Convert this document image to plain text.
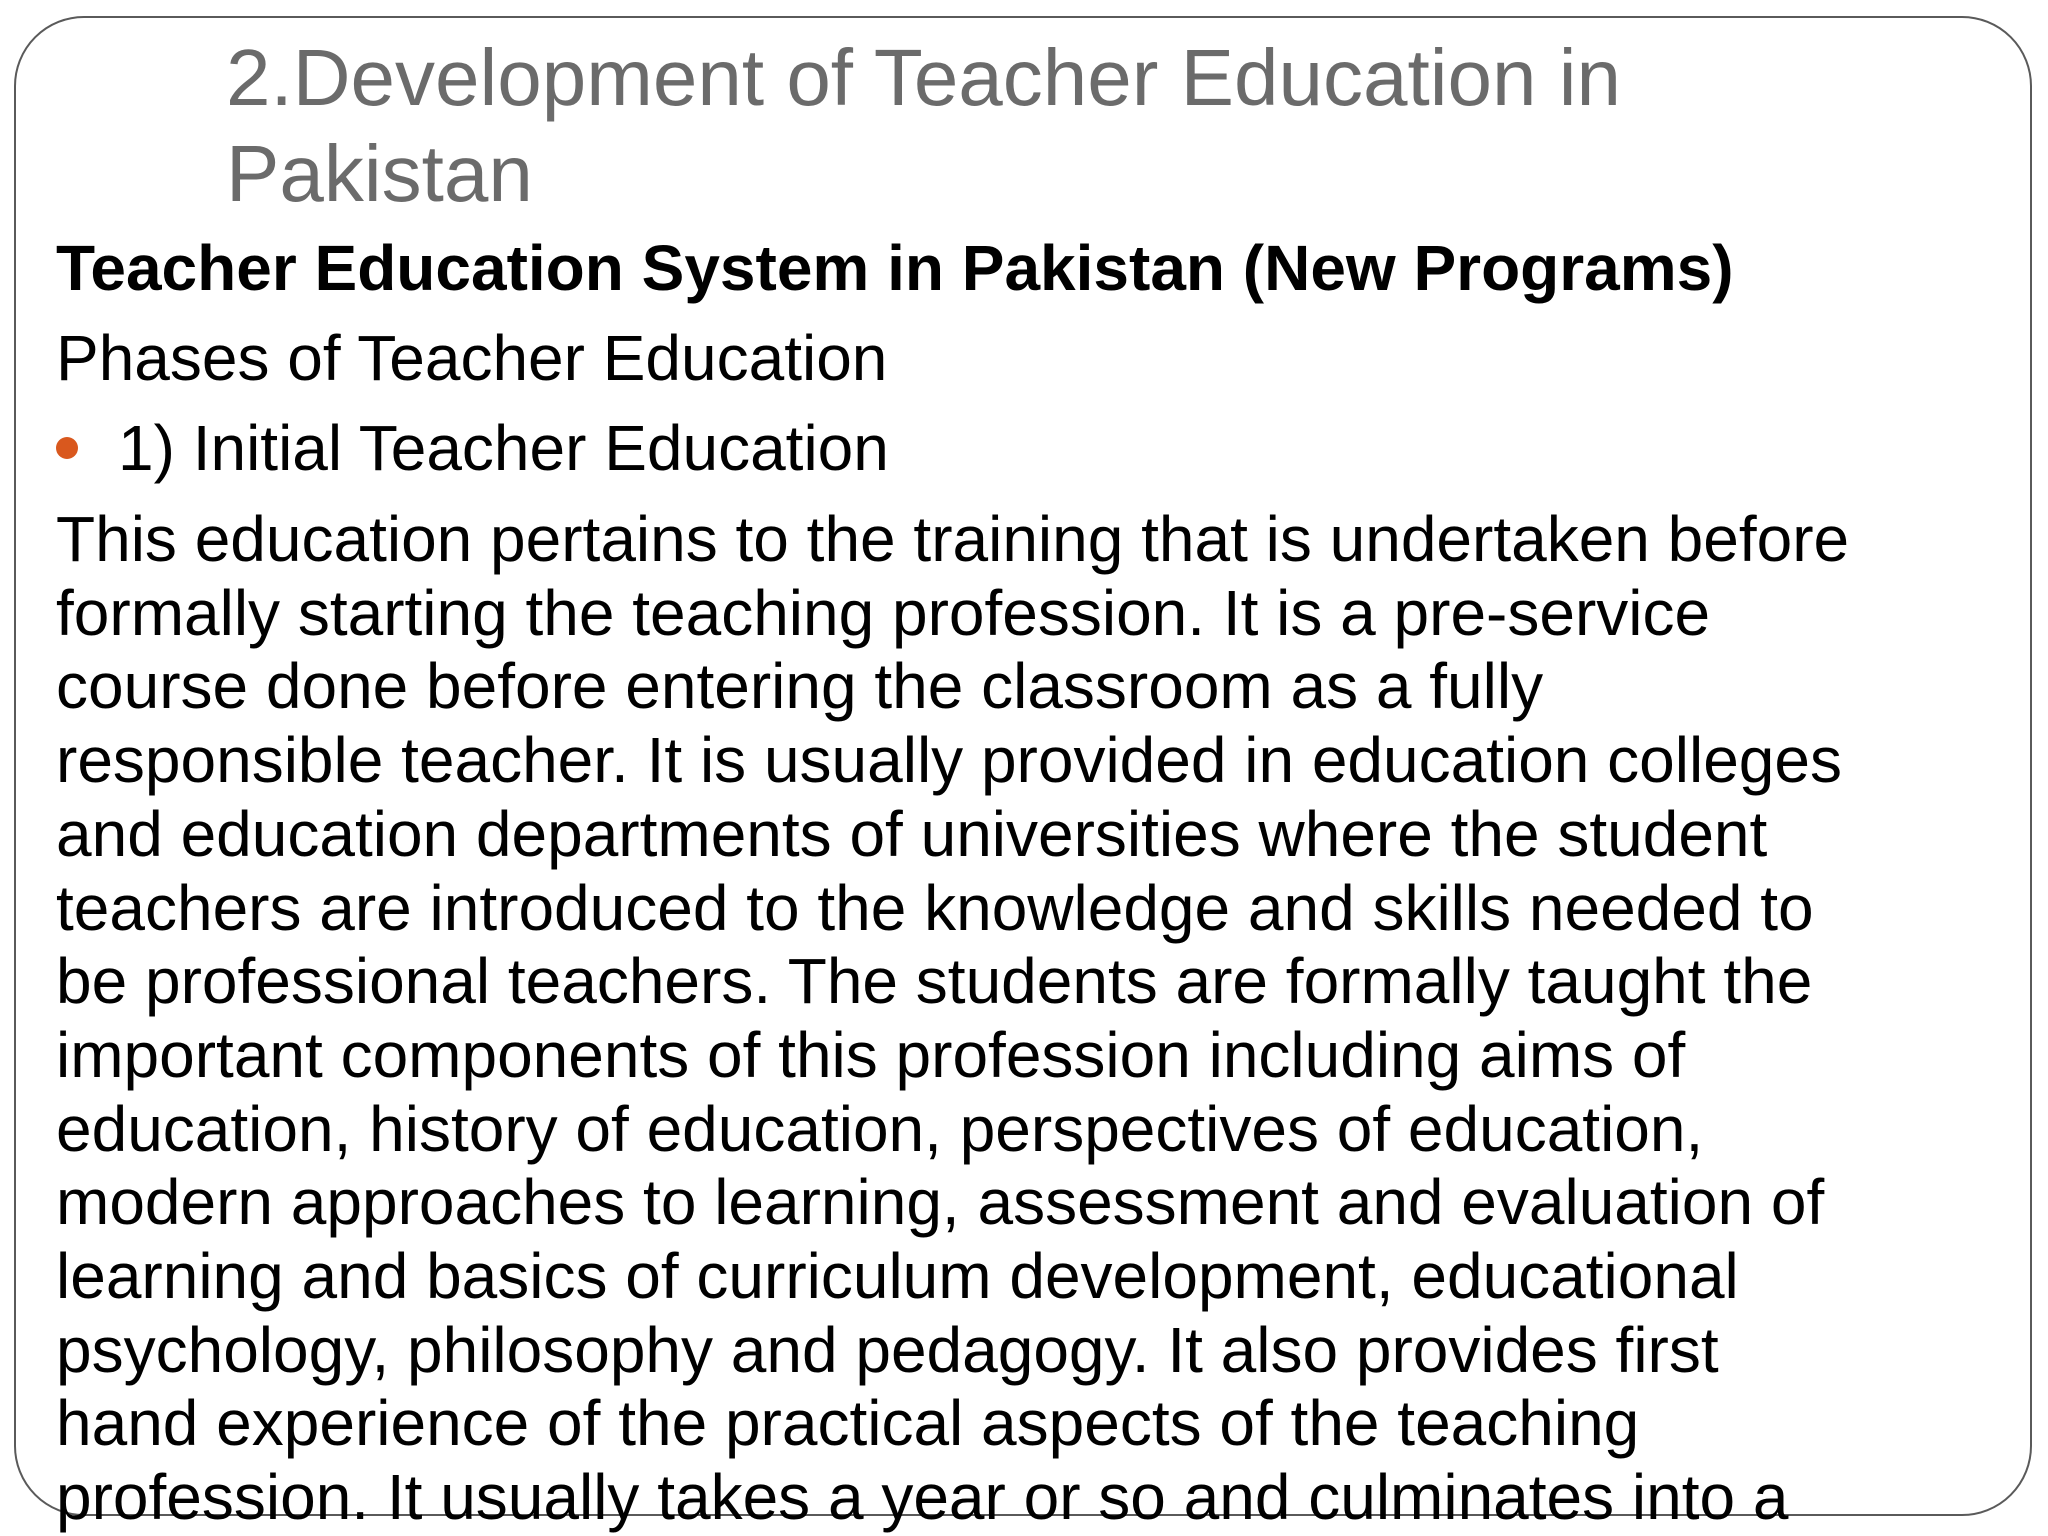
2.Development of Teacher Education in
Pakistan

Teacher Education System in Pakistan (New Programs)

Phases of Teacher Education

1) Initial Teacher Education
This education pertains to the training that is undertaken before
formally starting the teaching profession. It is a pre-service
course done before entering the classroom as a fully
responsible teacher. It is usually provided in education colleges
and education departments of universities where the student
teachers are introduced to the knowledge and skills needed to
be professional teachers. The students are formally taught the
important components of this profession including aims of
education, history of education, perspectives of education,
modern approaches to learning, assessment and evaluation of
learning and basics of curriculum development, educational
psychology, philosophy and pedagogy. It also provides first
hand experience of the practical aspects of the teaching
profession. It usually takes a year or so and culminates into a
